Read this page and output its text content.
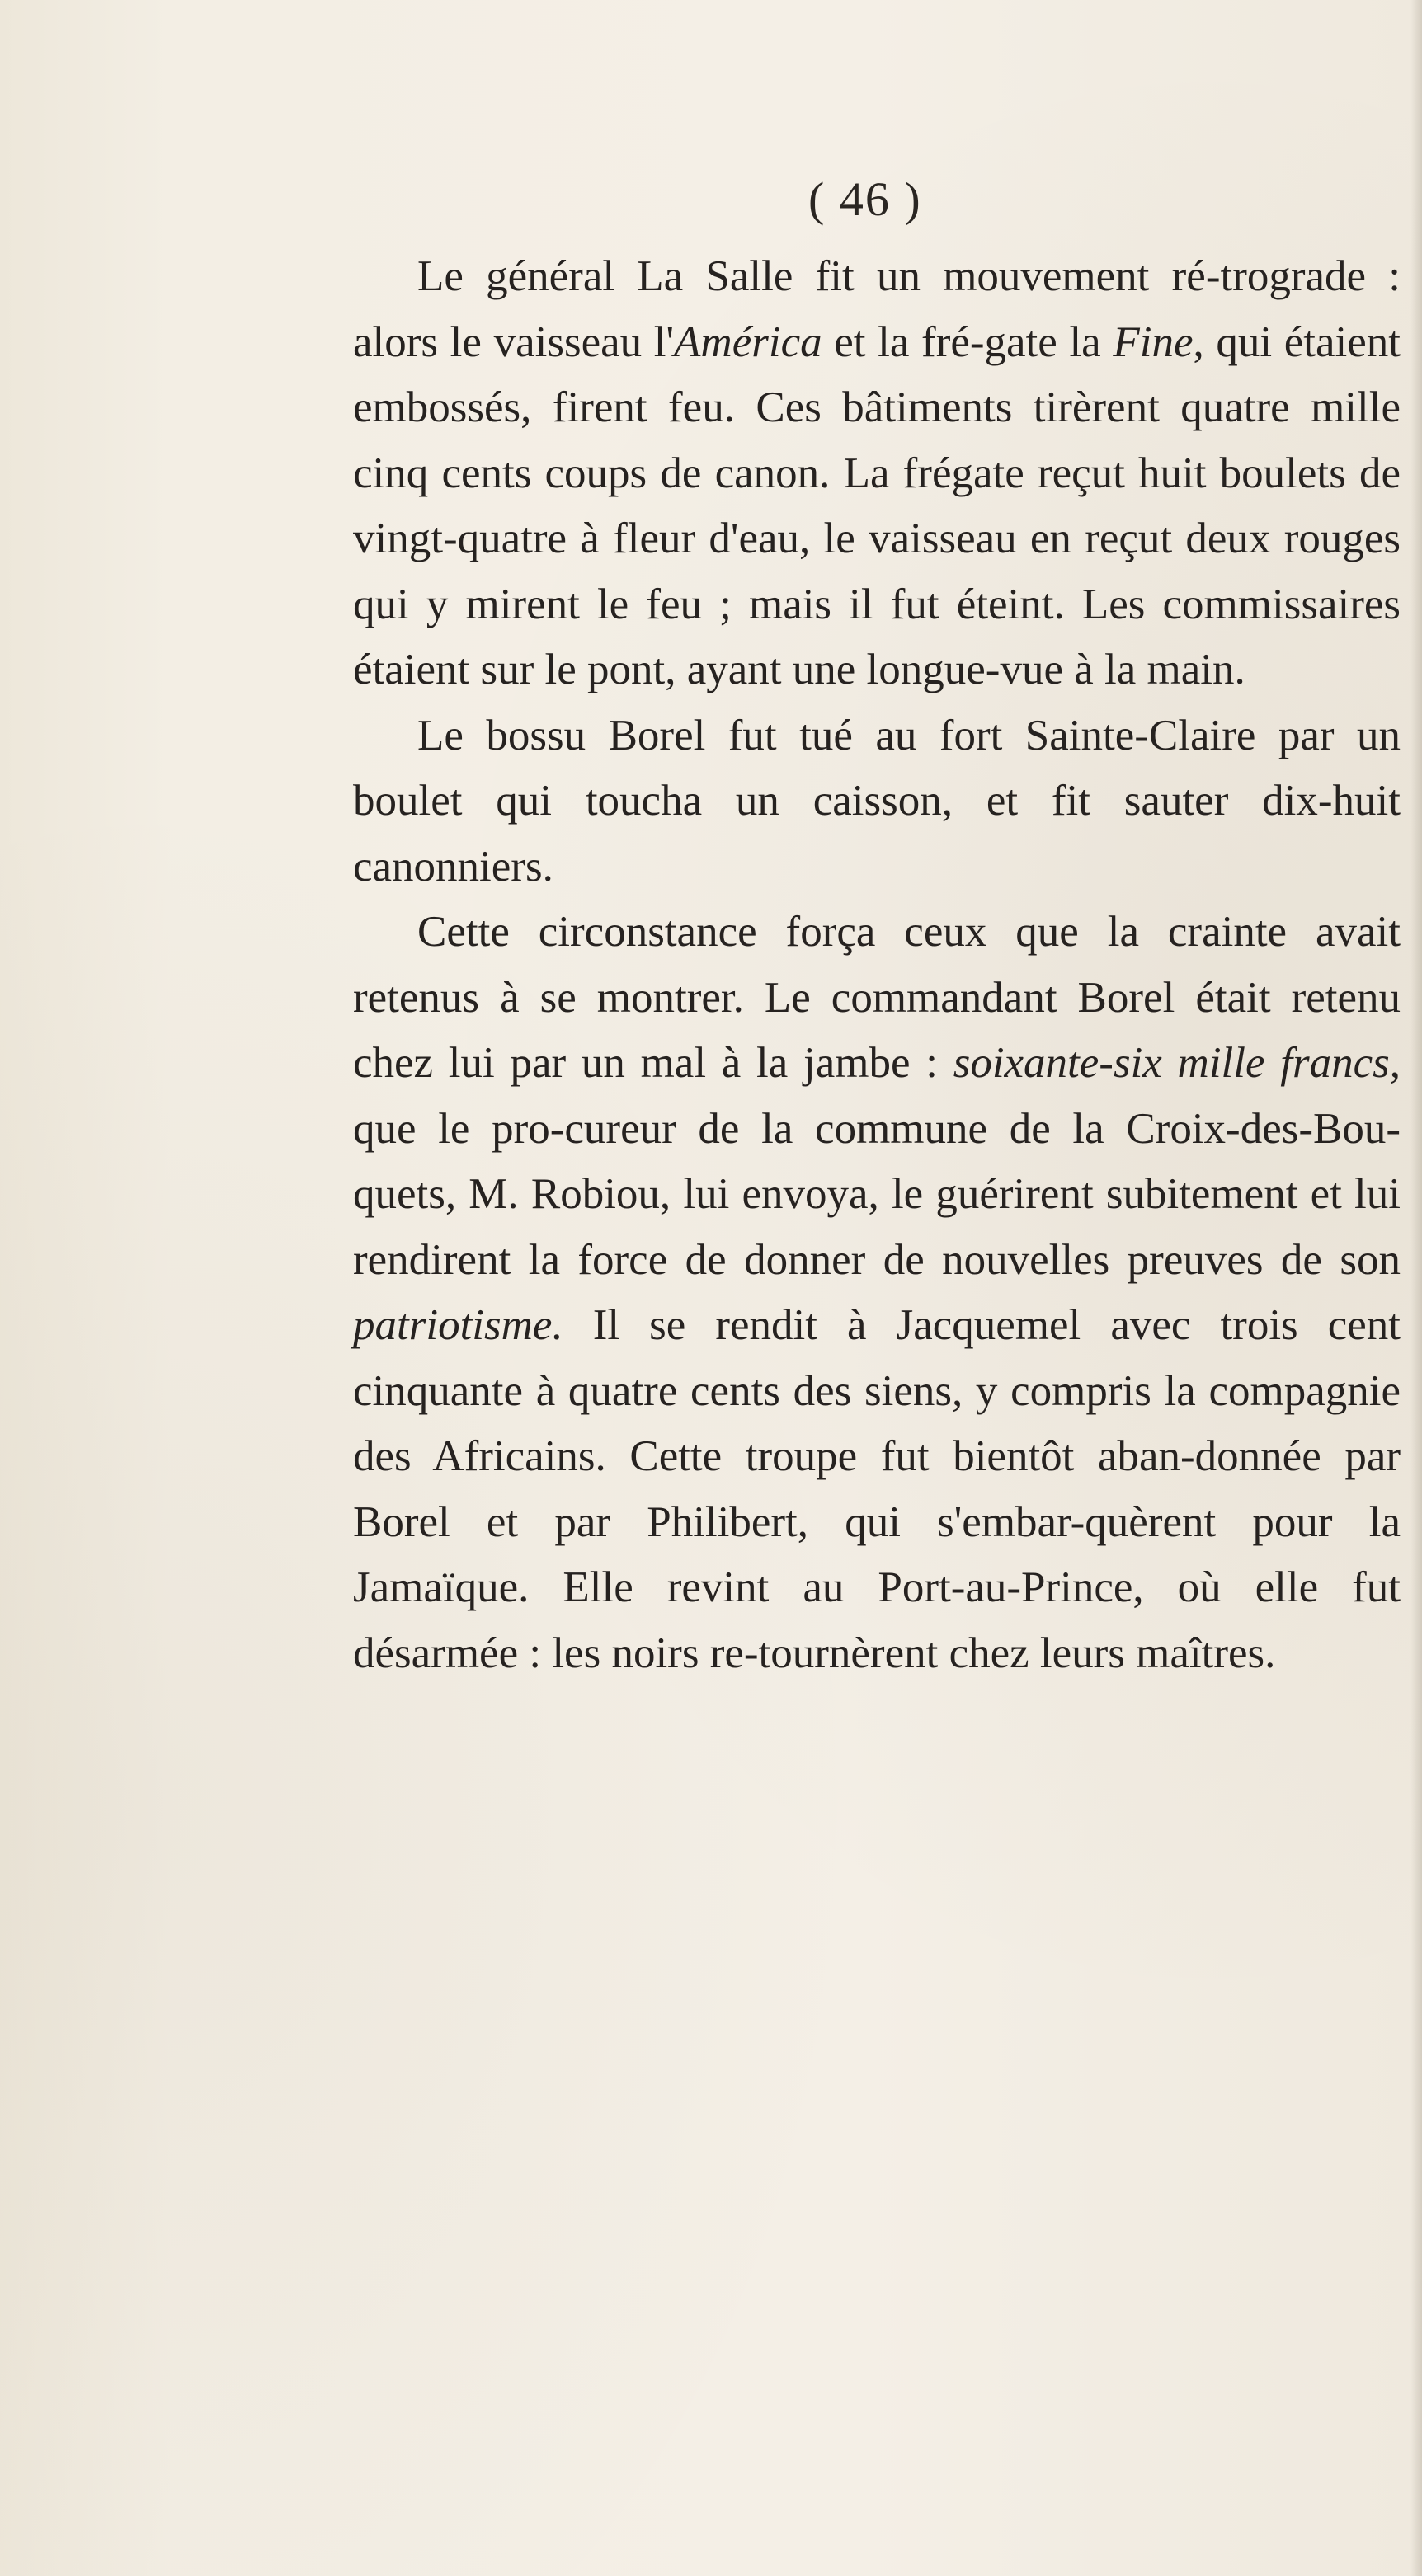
( 46 )

Le général La Salle fit un mouvement ré-trograde : alors le vaisseau l'América et la fré-gate la Fine, qui étaient embossés, firent feu. Ces bâtiments tirèrent quatre mille cinq cents coups de canon. La frégate reçut huit boulets de vingt-quatre à fleur d'eau, le vaisseau en reçut deux rouges qui y mirent le feu ; mais il fut éteint. Les commissaires étaient sur le pont, ayant une longue-vue à la main.

Le bossu Borel fut tué au fort Sainte-Claire par un boulet qui toucha un caisson, et fit sauter dix-huit canonniers.

Cette circonstance força ceux que la crainte avait retenus à se montrer. Le commandant Borel était retenu chez lui par un mal à la jambe : soixante-six mille francs, que le pro-cureur de la commune de la Croix-des-Bou-quets, M. Robiou, lui envoya, le guérirent subitement et lui rendirent la force de donner de nouvelles preuves de son patriotisme. Il se rendit à Jacquemel avec trois cent cinquante à quatre cents des siens, y compris la compagnie des Africains. Cette troupe fut bientôt aban-donnée par Borel et par Philibert, qui s'embar-quèrent pour la Jamaïque. Elle revint au Port-au-Prince, où elle fut désarmée : les noirs re-tournèrent chez leurs maîtres.
